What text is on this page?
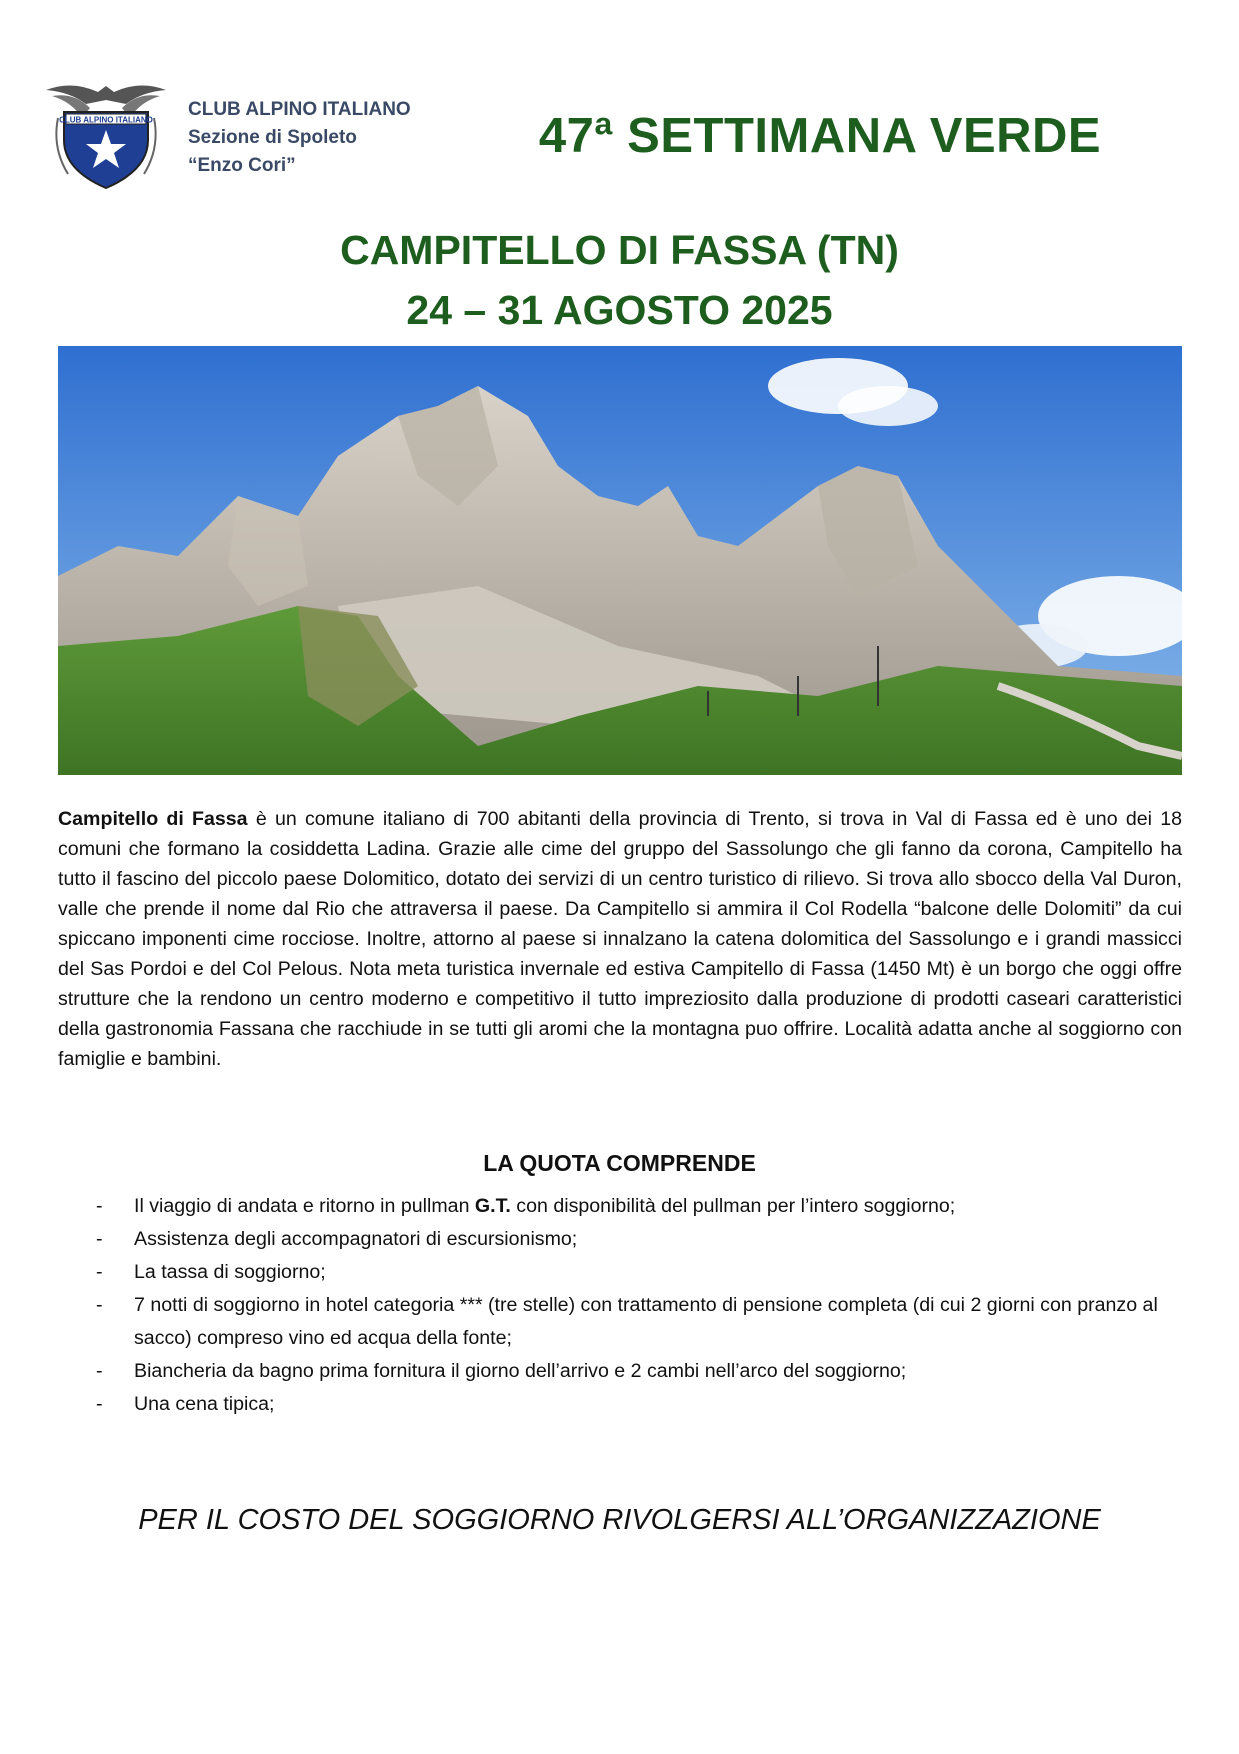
CLUB ALPINO ITALIANO CLUB ALPINO ITALIANO
Sezione di Spoleto
“Enzo Cori”
47ª SETTIMANA VERDE
CAMPITELLO DI FASSA (TN)
24 – 31 AGOSTO 2025
Campitello di Fassa è un comune italiano di 700 abitanti della provincia di Trento, si trova in Val di Fassa ed è uno dei 18 comuni che formano la cosiddetta Ladina. Grazie alle cime del gruppo del Sassolungo che gli fanno da corona, Campitello ha tutto il fascino del piccolo paese Dolomitico, dotato dei servizi di un centro turistico di rilievo. Si trova allo sbocco della Val Duron, valle che prende il nome dal Rio che attraversa il paese. Da Campitello si ammira il Col Rodella “balcone delle Dolomiti” da cui spiccano imponenti cime rocciose. Inoltre, attorno al paese si innalzano la catena dolomitica del Sassolungo e i grandi massicci del Sas Pordoi e del Col Pelous. Nota meta turistica invernale ed estiva Campitello di Fassa (1450 Mt) è un borgo che oggi offre strutture che la rendono un centro moderno e competitivo il tutto impreziosito dalla produzione di prodotti caseari caratteristici della gastronomia Fassana che racchiude in se tutti gli aromi che la montagna puo offrire. Località adatta anche al soggiorno con famiglie e bambini.
LA QUOTA COMPRENDE
- Il viaggio di andata e ritorno in pullman G.T. con disponibilità del pullman per l’intero soggiorno;
- Assistenza degli accompagnatori di escursionismo;
- La tassa di soggiorno;
- 7 notti di soggiorno in hotel categoria *** (tre stelle) con trattamento di pensione completa (di cui 2 giorni con pranzo al sacco) compreso vino ed acqua della fonte;
- Biancheria da bagno prima fornitura il giorno dell’arrivo e 2 cambi nell’arco del soggiorno;
- Una cena tipica;
PER IL COSTO DEL SOGGIORNO RIVOLGERSI ALL’ORGANIZZAZIONE
